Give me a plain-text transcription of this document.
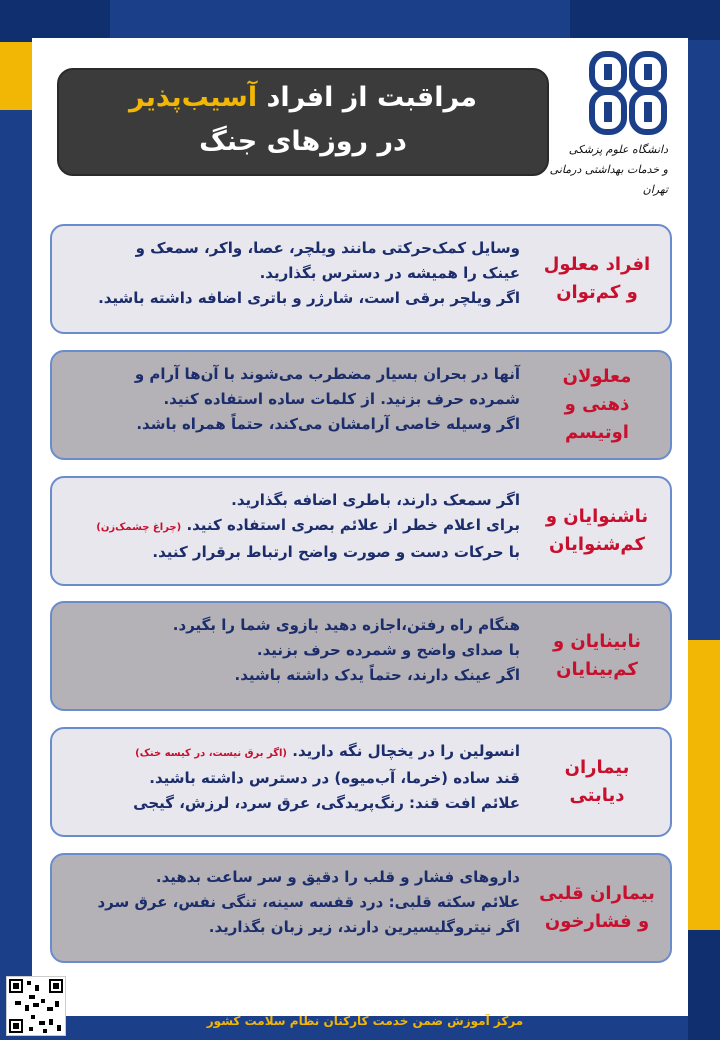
مراقبت از افراد آسیب‌پذیر
در روزهای جنگ	دانشگاه علوم پزشکی
و خدمات بهداشتی درمانی تهران
افراد معلول و کم‌توان
وسایل کمک‌حرکتی مانند ویلچر، عصا، واکر، سمعک و
عینک را همیشه در دسترس بگذارید.
اگر ویلچر برقی است، شارژر و باتری اضافه داشته باشید.
معلولان ذهنی و اوتیسم
آنها در بحران بسیار مضطرب می‌شوند با آن‌ها آرام و
شمرده حرف بزنید. از کلمات ساده استفاده کنید.
اگر وسیله خاصی آرامشان می‌کند، حتماً همراه باشد.
ناشنوایان و کم‌شنوایان
اگر سمعک دارند، باطری اضافه بگذارید.
برای اعلام خطر از علائم بصری استفاده کنید. (چراغ چشمک‌زن)
با حرکات دست و صورت واضح ارتباط برقرار کنید.
نابینایان و کم‌بینایان
هنگام راه رفتن،اجازه دهید بازوی شما را بگیرد.
با صدای واضح و شمرده حرف بزنید.
اگر عینک دارند، حتماً یدک داشته باشید.
بیماران دیابتی
انسولین را در یخچال نگه دارید. (اگر برق نیست، در کیسه خنک)
قند ساده (خرما، آب‌میوه) در دسترس داشته باشید.
علائم افت قند: رنگ‌پریدگی، عرق سرد، لرزش، گیجی
بیماران قلبی و فشارخون
داروهای فشار و قلب را دقیق و سر ساعت بدهید.
علائم سکته قلبی: درد قفسه سینه، تنگی نفس، عرق سرد
اگر نیتروگلیسیرین دارند، زیر زبان بگذارید.
مرکز آموزش ضمن خدمت کارکنان نظام سلامت کشور
